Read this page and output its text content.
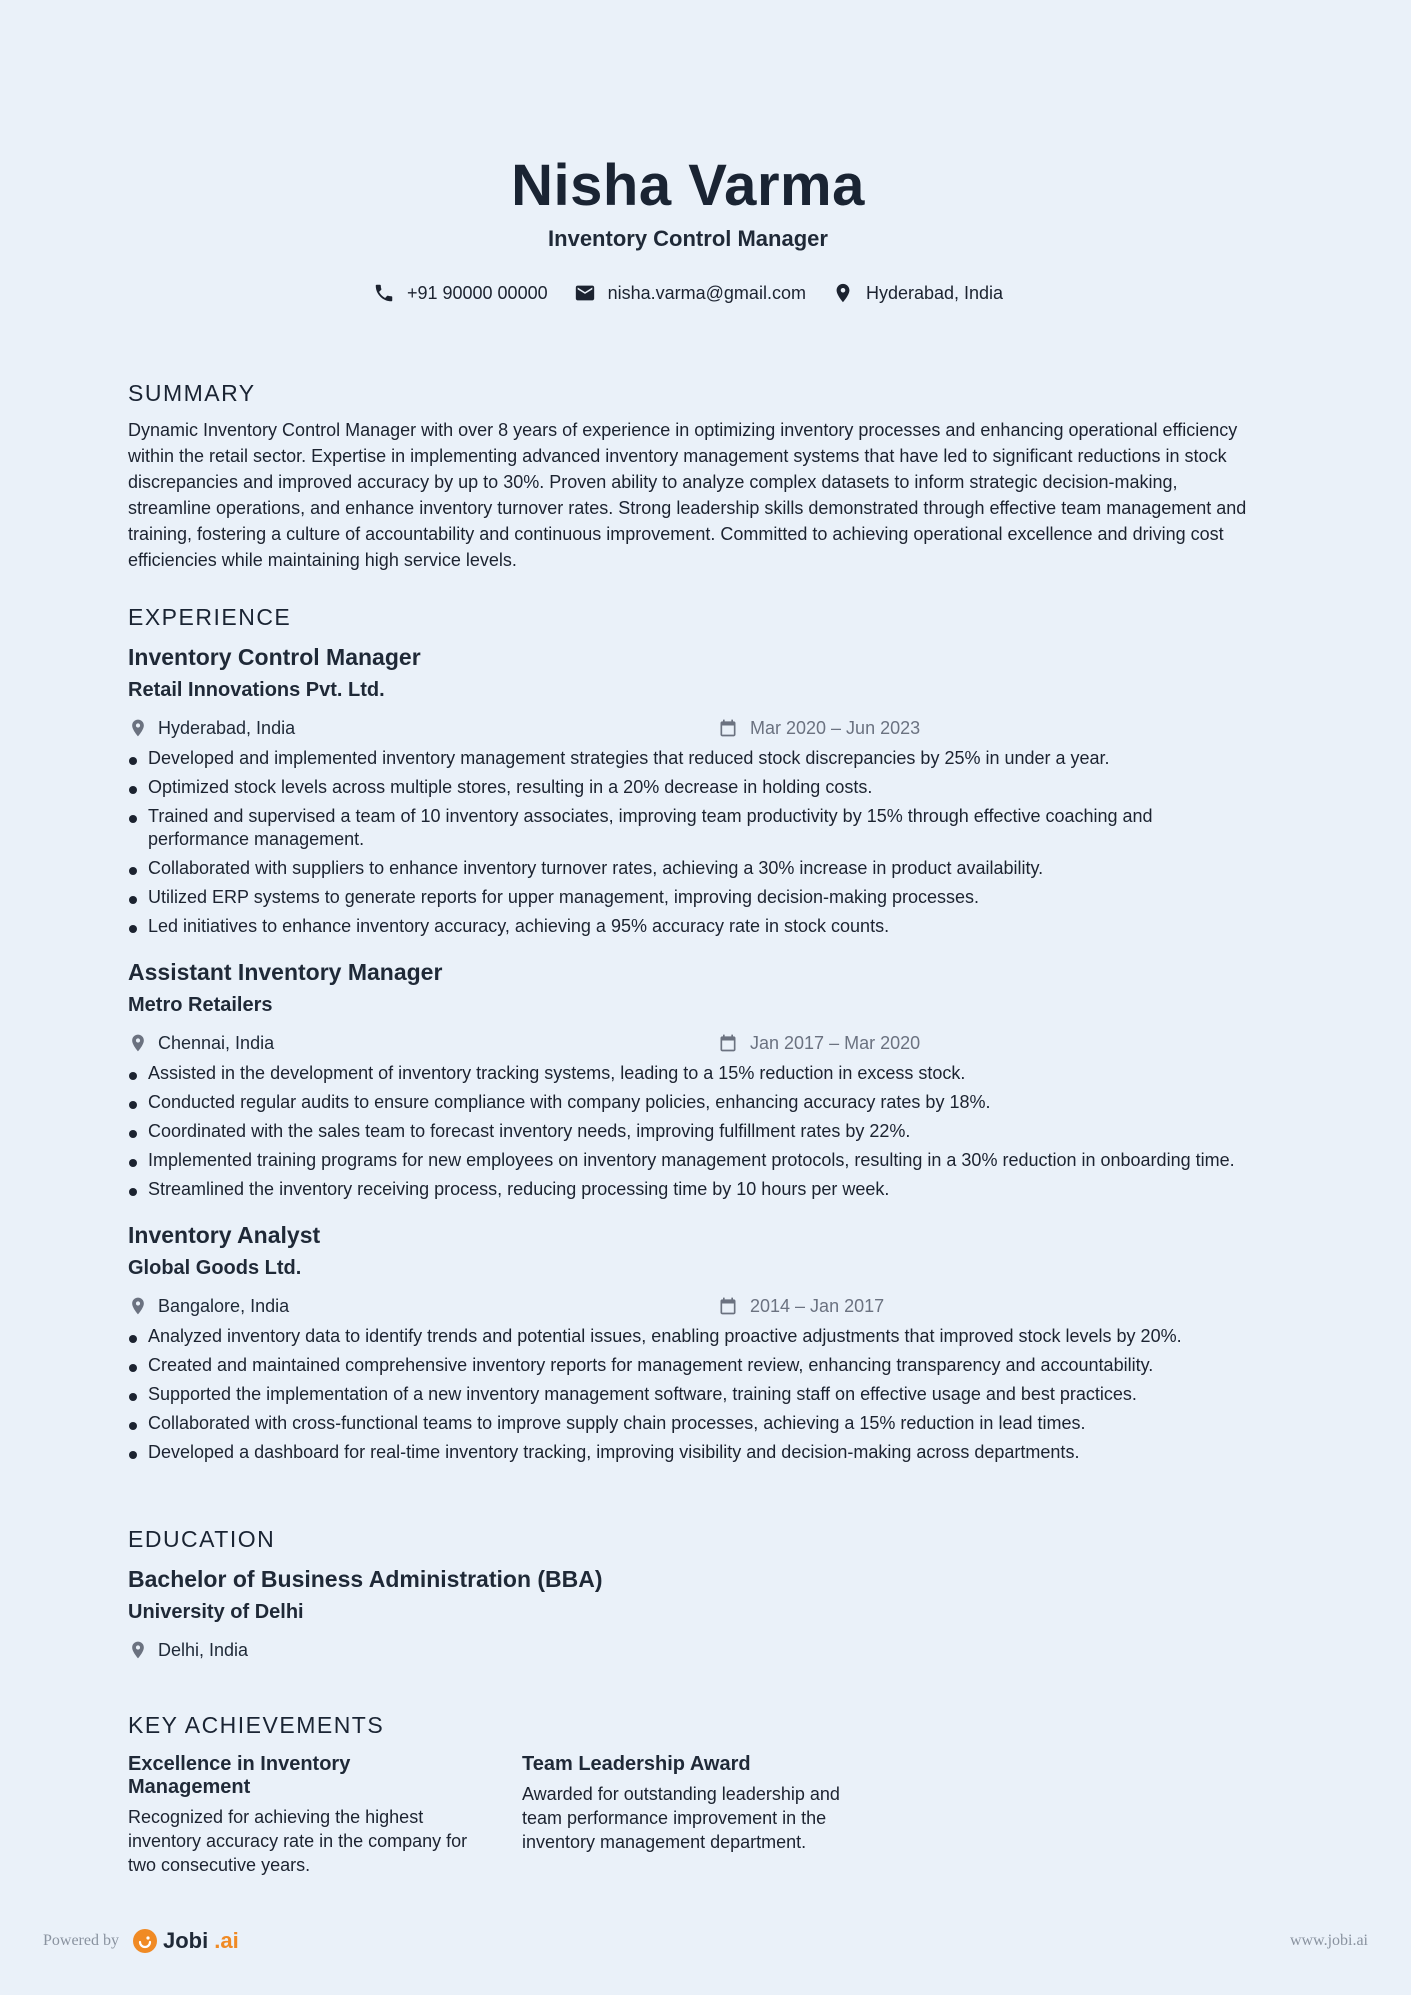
Nisha Varma
Inventory Control Manager
+91 90000 00000	nisha.varma@gmail.com	Hyderabad, India
SUMMARY

Dynamic Inventory Control Manager with over 8 years of experience in optimizing inventory processes and enhancing operational efficiency within the retail sector. Expertise in implementing advanced inventory management systems that have led to significant reductions in stock discrepancies and improved accuracy by up to 30%. Proven ability to analyze complex datasets to inform strategic decision-making, streamline operations, and enhance inventory turnover rates. Strong leadership skills demonstrated through effective team management and training, fostering a culture of accountability and continuous improvement. Committed to achieving operational excellence and driving cost efficiencies while maintaining high service levels.

EXPERIENCE
Inventory Control Manager
Retail Innovations Pvt. Ltd.
Hyderabad, India	Mar 2020 – Jun 2023
Developed and implemented inventory management strategies that reduced stock discrepancies by 25% in under a year.
Optimized stock levels across multiple stores, resulting in a 20% decrease in holding costs.
Trained and supervised a team of 10 inventory associates, improving team productivity by 15% through effective coaching and performance management.
Collaborated with suppliers to enhance inventory turnover rates, achieving a 30% increase in product availability.
Utilized ERP systems to generate reports for upper management, improving decision-making processes.
Led initiatives to enhance inventory accuracy, achieving a 95% accuracy rate in stock counts.
Assistant Inventory Manager
Metro Retailers
Chennai, India	Jan 2017 – Mar 2020
Assisted in the development of inventory tracking systems, leading to a 15% reduction in excess stock.
Conducted regular audits to ensure compliance with company policies, enhancing accuracy rates by 18%.
Coordinated with the sales team to forecast inventory needs, improving fulfillment rates by 22%.
Implemented training programs for new employees on inventory management protocols, resulting in a 30% reduction in onboarding time.
Streamlined the inventory receiving process, reducing processing time by 10 hours per week.
Inventory Analyst
Global Goods Ltd.
Bangalore, India	2014 – Jan 2017
Analyzed inventory data to identify trends and potential issues, enabling proactive adjustments that improved stock levels by 20%.
Created and maintained comprehensive inventory reports for management review, enhancing transparency and accountability.
Supported the implementation of a new inventory management software, training staff on effective usage and best practices.
Collaborated with cross-functional teams to improve supply chain processes, achieving a 15% reduction in lead times.
Developed a dashboard for real-time inventory tracking, improving visibility and decision-making across departments.
EDUCATION
Bachelor of Business Administration (BBA)
University of Delhi
Delhi, India
KEY ACHIEVEMENTS
Excellence in Inventory Management

Recognized for achieving the highest inventory accuracy rate in the company for two consecutive years.

Team Leadership Award

Awarded for outstanding leadership and team performance improvement in the inventory management department.

Powered by Jobi .ai	www.jobi.ai
